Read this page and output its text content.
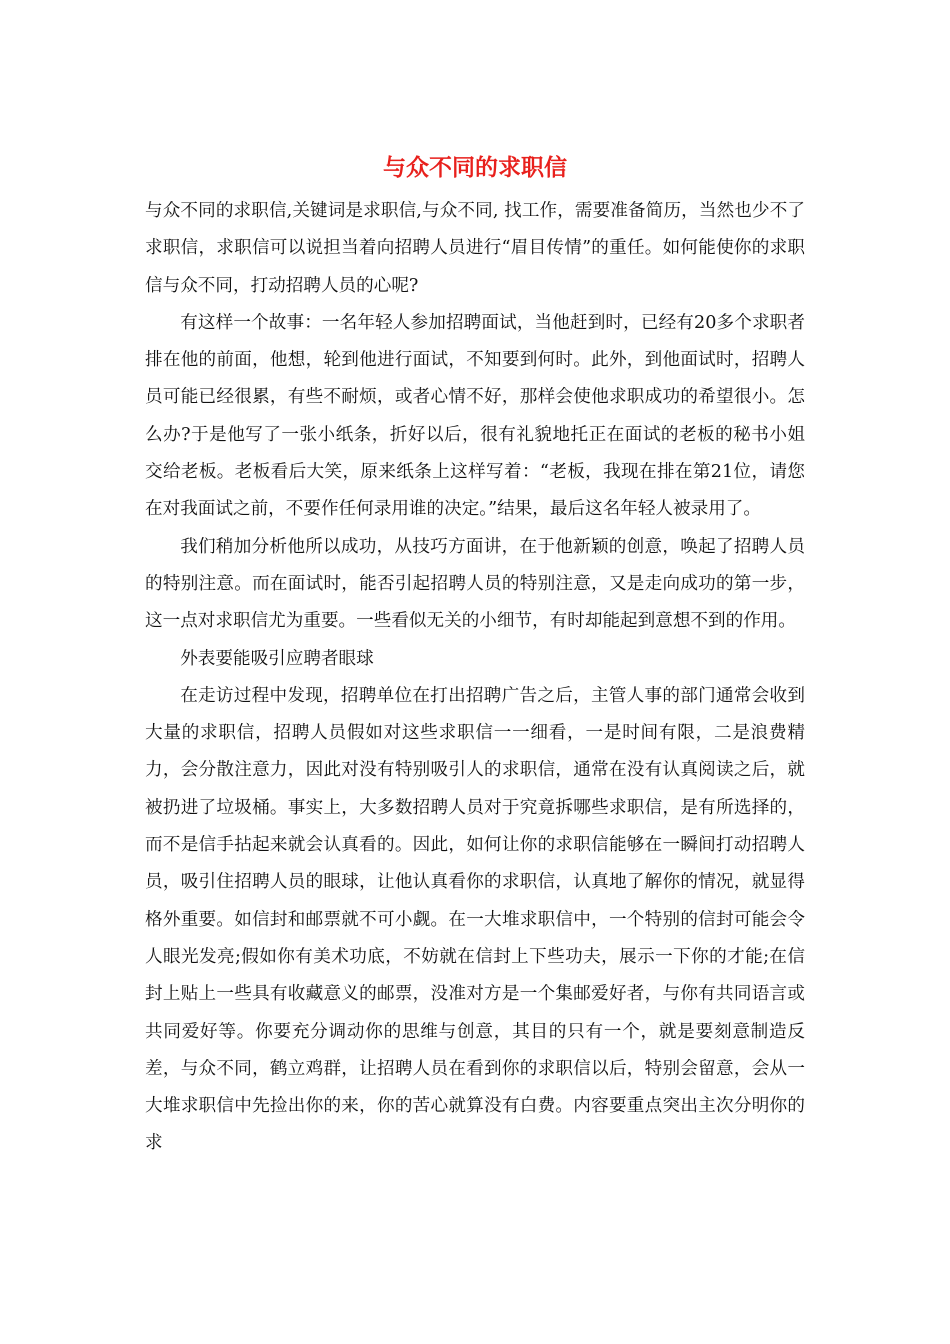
与众不同的求职信

与众不同的求职信,关键词是求职信,与众不同, 找工作，需要准备简历，当然也少不了求职信，求职信可以说担当着向招聘人员进行“眉目传情”的重任。如何能使你的求职信与众不同，打动招聘人员的心呢?

有这样一个故事：一名年轻人参加招聘面试，当他赶到时，已经有20多个求职者排在他的前面，他想，轮到他进行面试，不知要到何时。此外，到他面试时，招聘人员可能已经很累，有些不耐烦，或者心情不好，那样会使他求职成功的希望很小。怎么办?于是他写了一张小纸条，折好以后，很有礼貌地托正在面试的老板的秘书小姐交给老板。老板看后大笑，原来纸条上这样写着：“老板，我现在排在第21位，请您在对我面试之前，不要作任何录用谁的决定。”结果，最后这名年轻人被录用了。

我们稍加分析他所以成功，从技巧方面讲，在于他新颖的创意，唤起了招聘人员的特别注意。而在面试时，能否引起招聘人员的特别注意，又是走向成功的第一步，这一点对求职信尤为重要。一些看似无关的小细节，有时却能起到意想不到的作用。

外表要能吸引应聘者眼球

在走访过程中发现，招聘单位在打出招聘广告之后，主管人事的部门通常会收到大量的求职信，招聘人员假如对这些求职信一一细看，一是时间有限，二是浪费精力，会分散注意力，因此对没有特别吸引人的求职信，通常在没有认真阅读之后，就被扔进了垃圾桶。事实上，大多数招聘人员对于究竟拆哪些求职信，是有所选择的，而不是信手拈起来就会认真看的。因此，如何让你的求职信能够在一瞬间打动招聘人员，吸引住招聘人员的眼球，让他认真看你的求职信，认真地了解你的情况，就显得格外重要。如信封和邮票就不可小觑。在一大堆求职信中，一个特别的信封可能会令人眼光发亮;假如你有美术功底，不妨就在信封上下些功夫，展示一下你的才能;在信封上贴上一些具有收藏意义的邮票，没准对方是一个集邮爱好者，与你有共同语言或共同爱好等。你要充分调动你的思维与创意，其目的只有一个，就是要刻意制造反差，与众不同，鹤立鸡群，让招聘人员在看到你的求职信以后，特别会留意，会从一大堆求职信中先捡出你的来，你的苦心就算没有白费。内容要重点突出主次分明你的求
